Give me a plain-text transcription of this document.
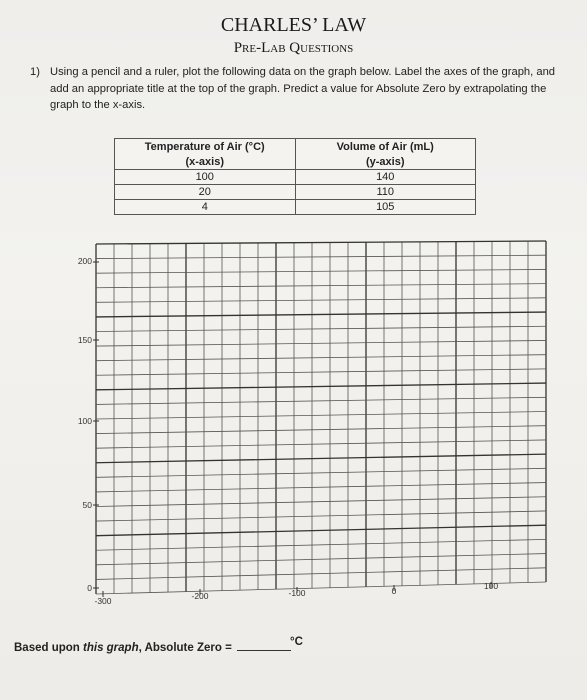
CHARLES’ LAW
Pre-Lab Questions
1) Using a pencil and a ruler, plot the following data on the graph below. Label the axes of the graph, and add an appropriate title at the top of the graph. Predict a value for Absolute Zero by extrapolating the graph to the x-axis.
Temperature of Air (°C)	Volume of Air (mL)
(x-axis)	(y-axis)
100	140
20	110
4	105
200
150
100
50
0
-300	-200	-100	0	100
Based upon this graph, Absolute Zero =	°C
